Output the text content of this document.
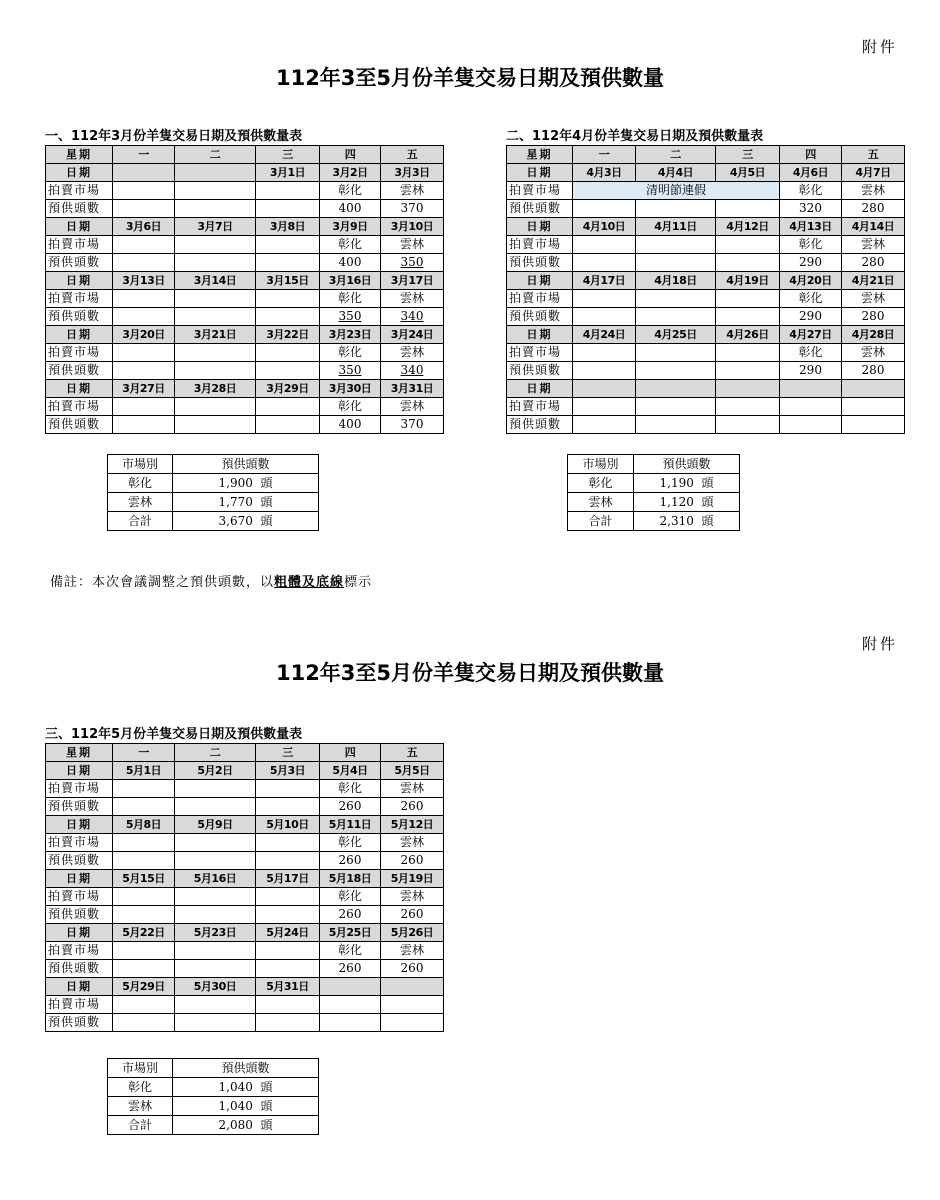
附件
112年3至5月份羊隻交易日期及預供數量
一、112年3月份羊隻交易日期及預供數量表
星期	一	二	三	四	五
日期			3月1日	3月2日	3月3日
拍賣市場				彰化	雲林
預供頭數				400	370
日期	3月6日	3月7日	3月8日	3月9日	3月10日
拍賣市場				彰化	雲林
預供頭數				400	350
日期	3月13日	3月14日	3月15日	3月16日	3月17日
拍賣市場				彰化	雲林
預供頭數				350	340
日期	3月20日	3月21日	3月22日	3月23日	3月24日
拍賣市場				彰化	雲林
預供頭數				350	340
日期	3月27日	3月28日	3月29日	3月30日	3月31日
拍賣市場				彰化	雲林
預供頭數				400	370
市場別	預供頭數
彰化	1,900  頭
雲林	1,770  頭
合計	3,670  頭
二、112年4月份羊隻交易日期及預供數量表
星期	一	二	三	四	五
日期	4月3日	4月4日	4月5日	4月6日	4月7日
拍賣市場	清明節連假			彰化	雲林
預供頭數				320	280
日期	4月10日	4月11日	4月12日	4月13日	4月14日
拍賣市場				彰化	雲林
預供頭數				290	280
日期	4月17日	4月18日	4月19日	4月20日	4月21日
拍賣市場				彰化	雲林
預供頭數				290	280
日期	4月24日	4月25日	4月26日	4月27日	4月28日
拍賣市場				彰化	雲林
預供頭數				290	280
日期					
拍賣市場					
預供頭數					
市場別	預供頭數
彰化	1,190  頭
雲林	1,120  頭
合計	2,310  頭
備註：本次會議調整之預供頭數，以粗體及底線標示
附件
112年3至5月份羊隻交易日期及預供數量
三、112年5月份羊隻交易日期及預供數量表
星期	一	二	三	四	五
日期	5月1日	5月2日	5月3日	5月4日	5月5日
拍賣市場				彰化	雲林
預供頭數				260	260
日期	5月8日	5月9日	5月10日	5月11日	5月12日
拍賣市場				彰化	雲林
預供頭數				260	260
日期	5月15日	5月16日	5月17日	5月18日	5月19日
拍賣市場				彰化	雲林
預供頭數				260	260
日期	5月22日	5月23日	5月24日	5月25日	5月26日
拍賣市場				彰化	雲林
預供頭數				260	260
日期	5月29日	5月30日	5月31日		
拍賣市場					
預供頭數					
市場別	預供頭數
彰化	1,040  頭
雲林	1,040  頭
合計	2,080  頭
